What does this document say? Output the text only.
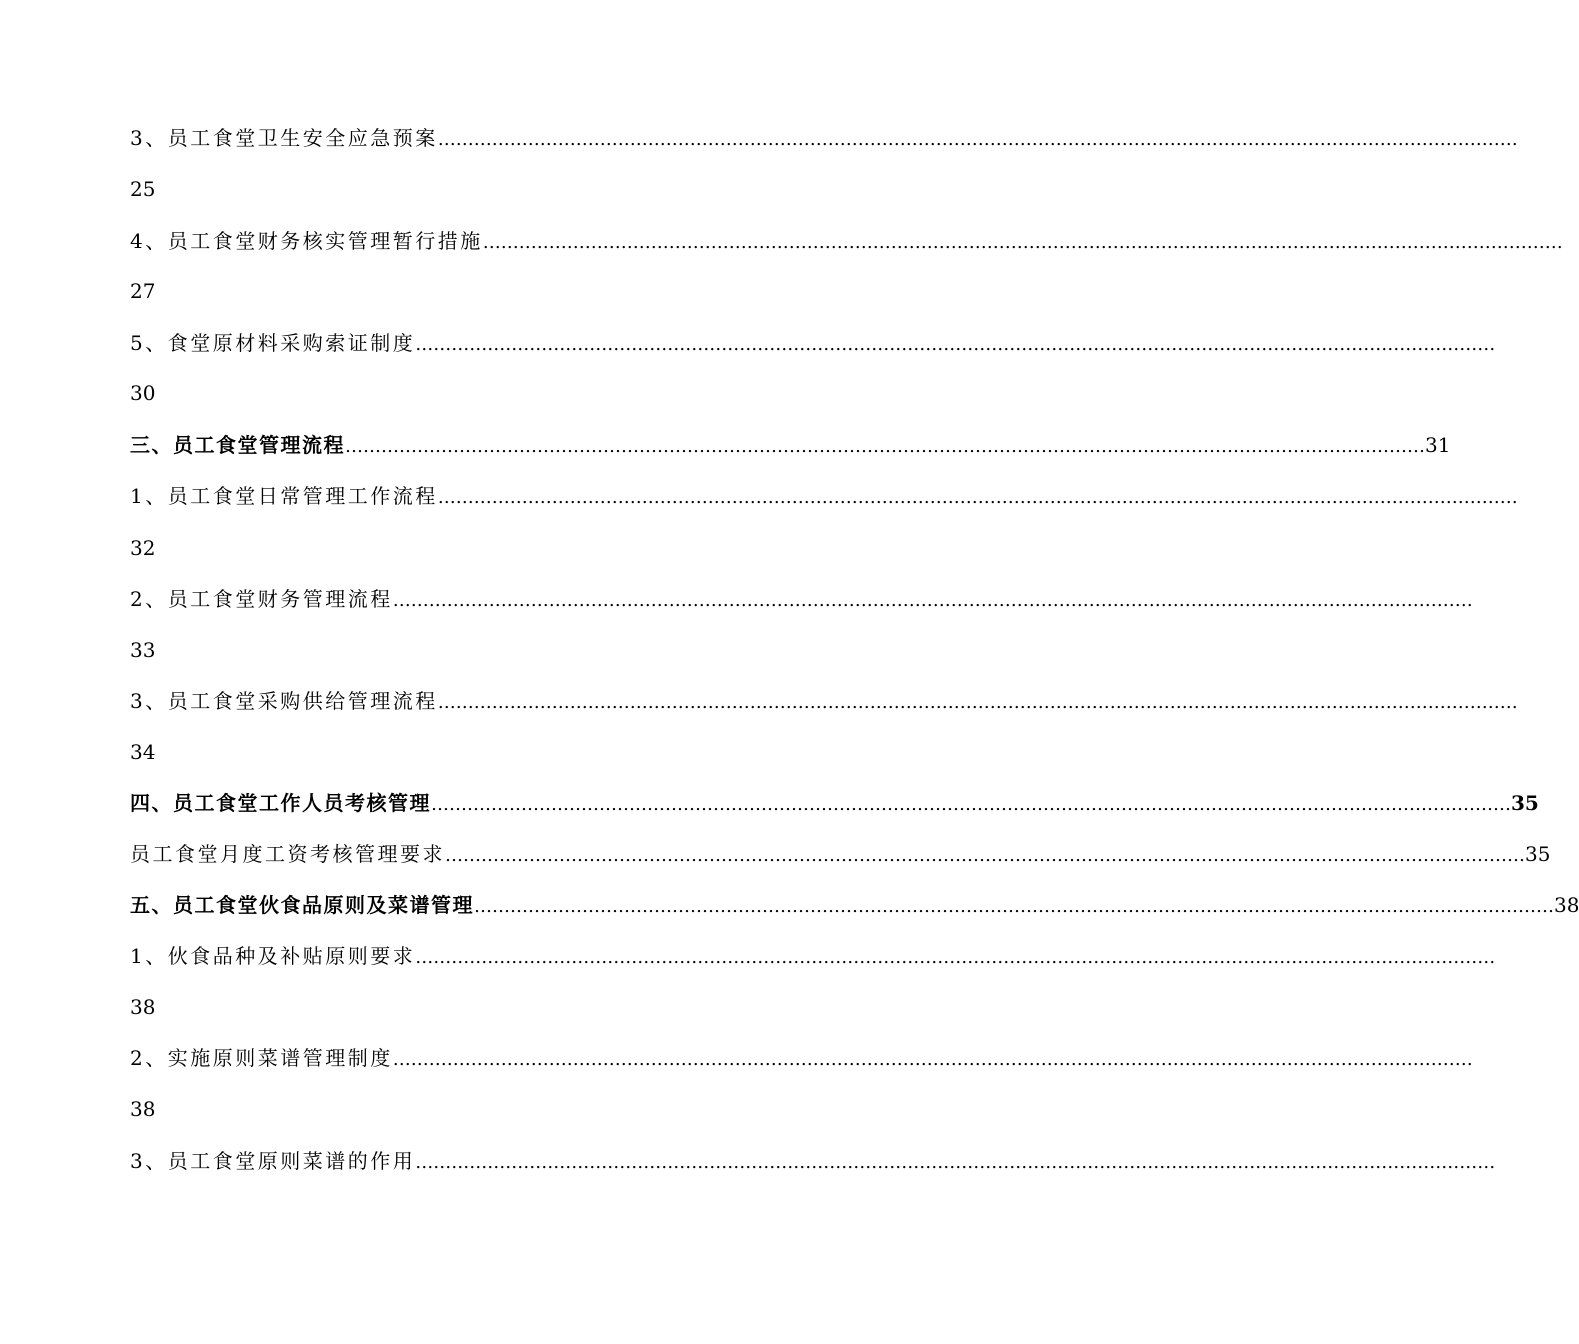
3、员工食堂卫生安全应急预案 ………………………………………………………………………………………………………………………………………………………………
25
4、员工食堂财务核实管理暂行措施 ………………………………………………………………………………………………………………………………………………………………
27
5、食堂原材料采购索证制度 ………………………………………………………………………………………………………………………………………………………………
30
三、员工食堂管理流程 ……………………………………………………………………………………………………………………………………………………………… 31
1、员工食堂日常管理工作流程 ………………………………………………………………………………………………………………………………………………………………
32
2、员工食堂财务管理流程 ………………………………………………………………………………………………………………………………………………………………
33
3、员工食堂采购供给管理流程 ………………………………………………………………………………………………………………………………………………………………
34
四、员工食堂工作人员考核管理 ……………………………………………………………………………………………………………………………………………………………… 35
员工食堂月度工资考核管理要求 ……………………………………………………………………………………………………………………………………………………………… 35
五、员工食堂伙食品原则及菜谱管理 ……………………………………………………………………………………………………………………………………………………………… 38
1、伙食品种及补贴原则要求 ………………………………………………………………………………………………………………………………………………………………
38
2、实施原则菜谱管理制度 ………………………………………………………………………………………………………………………………………………………………
38
3、员工食堂原则菜谱的作用 ………………………………………………………………………………………………………………………………………………………………
